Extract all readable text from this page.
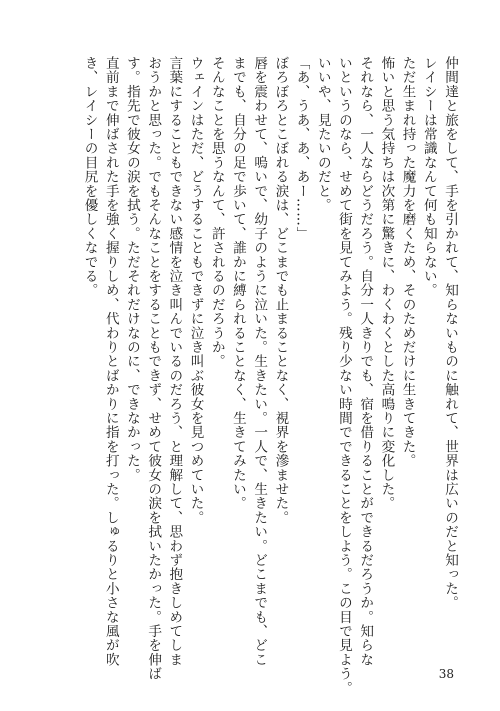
仲間達と旅をして、手を引かれて、知らないものに触れて、世界は広いのだと知った。
レイシーは常識なんて何も知らない。
ただ生まれ持った魔力を磨くため、そのためだけに生きてきた。
怖いと思う気持ちは次第に驚きに、わくわくとした高鳴りに変化した。
それなら、一人ならどうだろう。自分一人きりでも、宿を借りることができるだろうか。知らな
いというのなら、せめて街を見てみよう。残り少ない時間でできることをしよう。この目で見よう。
いいや、見たいのだと。
「あ、うあ、あ、あー……」
ぼろぼろとこぼれる涙は、どこまでも止まることなく、視界を滲ませた。
唇を震わせて、嗚いで、幼子のように泣いた。生きたい。一人で、生きたい。どこまでも、どこ
までも、自分の足で歩いて、誰かに縛られることなく、生きてみたい。
そんなことを思うなんて、許されるのだろうか。
ウェインはただ、どうすることもできずに泣き叫ぶ彼女を見つめていた。
言葉にすることもできない感情を泣き叫んでいるのだろう、と理解して、思わず抱きしめてしま
おうかと思った。でもそんなことをすることもできず、せめて彼女の涙を拭いたかった。手を伸ば
す。指先で彼女の涙を拭う。ただそれだけなのに、できなかった。
直前まで伸ばされた手を強く握りしめ、代わりとばかりに指を打った。しゅるりと小さな風が吹
き、レイシーの目尻を優しくなでる。
38
